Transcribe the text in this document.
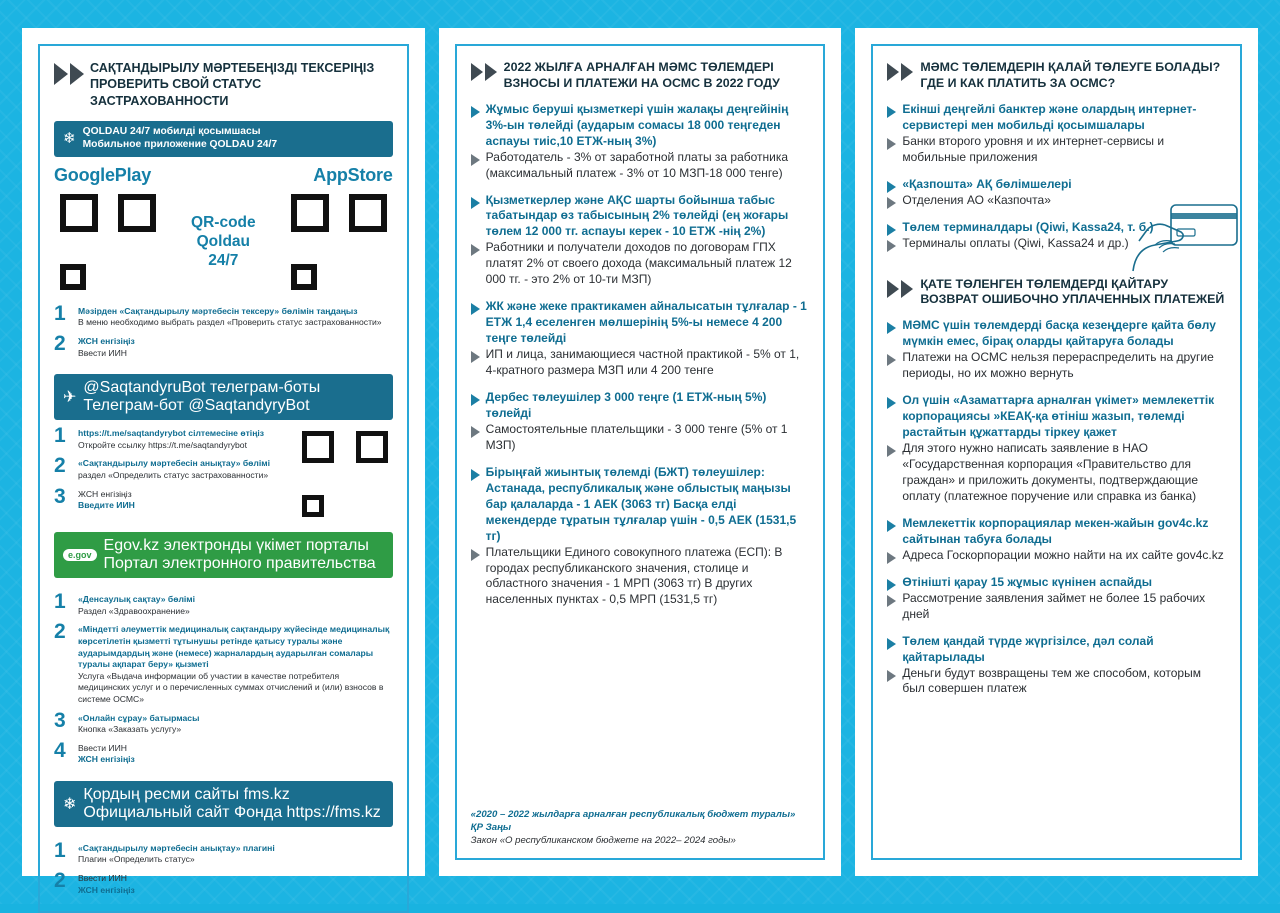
САҚТАНДЫРЫЛУ МӘРТЕБЕҢІЗДІ ТЕКСЕРІҢІЗ
ПРОВЕРИТЬ СВОЙ СТАТУС ЗАСТРАХОВАННОСТИ
❄ QOLDAU 24/7 мобилді қосымшасы
Мобильное приложение QOLDAU 24/7
GooglePlay	AppStore
QR-code
Qoldau
24/7
1	Мәзірден «Сақтандырылу мәртебесін тексеру» бөлімін таңдаңыз
В меню необходимо выбрать раздел «Проверить статус застрахованности»
2	ЖСН енгізіңіз
Ввести ИИН
✈
@SaqtandyruBot телеграм-боты
Телеграм-бот @SaqtandyryBot
1	https://t.me/saqtandyrybot сілтемесіне өтіңіз
Откройте ссылку https://t.me/saqtandyrybot
2	«Сақтандырылу мәртебесін анықтау» бөлімі
раздел «Определить статус застрахованности»
3	ЖСН енгізіңіз
Введите ИИН
e.gov
Egov.kz электронды үкімет порталы
Портал электронного правительства
1	«Денсаулық сақтау» бөлімі
Раздел «Здравоохранение»
2	«Міндетті әлеуметтік медициналық сақтандыру жүйесінде медициналық көрсетілетін қызметті тұтынушы ретінде қатысу туралы және аударымдардың және (немесе) жарналардың аударылған сомалары туралы ақпарат беру» қызметі
Услуга «Выдача информации об участии в качестве потребителя медицинских услуг и о перечисленных суммах отчислений и (или) взносов в системе ОСМС»
3	«Онлайн сұрау» батырмасы
Кнопка «Заказать услугу»
4	Ввести ИИН
ЖСН енгізіңіз
❄
Қордың ресми сайты fms.kz
Официальный сайт Фонда https://fms.kz
1	«Сақтандырылу мәртебесін анықтау» плагині
Плагин «Определить статус»
2	Ввести ИИН
ЖСН енгізіңіз
2022 ЖЫЛҒА АРНАЛҒАН МӘМС ТӨЛЕМДЕРІ
ВЗНОСЫ И ПЛАТЕЖИ НА ОСМС В 2022 ГОДУ
Жұмыс беруші қызметкері үшін жалақы деңгейінің 3%-ын төлейді (аударым сомасы 18 000 теңгеден аспауы тиіс,10 ЕТЖ-ның 3%)
Работодатель - 3% от заработной платы за работника (максимальный платеж - 3% от 10 МЗП-18 000 тенге)
Қызметкерлер және АҚС шарты бойынша табыс табатындар өз табысының 2% төлейді (ең жоғары төлем 12 000 тг. аспауы керек - 10 ЕТЖ -нің 2%)
Работники и получатели доходов по договорам ГПХ платят 2% от своего дохода (максимальный платеж 12 000 тг. - это 2% от 10-ти МЗП)
ЖК және жеке практикамен айналысатын тұлғалар - 1 ЕТЖ 1,4 еселенген мөлшерінің 5%-ы немесе 4 200 теңге төлейді
ИП и лица, занимающиеся частной практикой - 5% от 1, 4-кратного размера МЗП или 4 200 тенге
Дербес төлеушілер 3 000 теңге (1 ЕТЖ-ның 5%) төлейді
Самостоятельные плательщики - 3 000 тенге (5% от 1 МЗП)
Бірыңғай жиынтық төлемді (БЖТ) төлеушілер: Астанада, республикалық және облыстық маңызы бар қалаларда - 1 АЕК (3063 тг) Басқа елді мекендерде тұратын тұлғалар үшін - 0,5 АЕК (1531,5 тг)
Плательщики Единого совокупного платежа (ЕСП): В городах республиканского значения, столице и областного значения - 1 МРП (3063 тг) В других населенных пунктах - 0,5 МРП (1531,5 тг)
«2020 – 2022 жылдарға арналған республикалық бюджет туралы» ҚР Заңы
Закон «О республиканском бюджете на 2022– 2024 годы»
МӘМС ТӨЛЕМДЕРІН ҚАЛАЙ ТӨЛЕУГЕ БОЛАДЫ?
ГДЕ И КАК ПЛАТИТЬ ЗА ОСМС?
Екінші деңгейлі банктер және олардың интернет-сервистері мен мобильді қосымшалары
Банки второго уровня и их интернет-сервисы и мобильные приложения
«Қазпошта» АҚ бөлімшелері
Отделения АО «Казпочта»
Төлем терминалдары (Qiwi, Kassa24, т. б.)
Терминалы оплаты (Qiwi, Kassa24 и др.)
ҚАТЕ ТӨЛЕНГЕН ТӨЛЕМДЕРДІ ҚАЙТАРУ
ВОЗВРАТ ОШИБОЧНО УПЛАЧЕННЫХ ПЛАТЕЖЕЙ
МӘМС үшін төлемдерді басқа кезеңдерге қайта бөлу мүмкін емес, бірақ оларды қайтаруға болады
Платежи на ОСМС нельзя перераспределить на другие периоды, но их можно вернуть
Ол үшін «Азаматтарға арналған үкімет» мемлекеттік корпорациясы »КЕАҚ-қа өтініш жазып, төлемді растайтын құжаттарды тіркеу қажет
Для этого нужно написать заявление в НАО «Государственная корпорация «Правительство для граждан» и приложить документы, подтверждающие оплату (платежное поручение или справка из банка)
Мемлекеттік корпорациялар мекен-жайын gov4c.kz сайтынан табуға болады
Адреса Госкорпорации можно найти на их сайте gov4c.kz
Өтінішті қарау 15 жұмыс күнінен аспайды
Рассмотрение заявления займет не более 15 рабочих дней
Төлем қандай түрде жүргізілсе, дәл солай қайтарылады
Деньги будут возвращены тем же способом, которым был совершен платеж
